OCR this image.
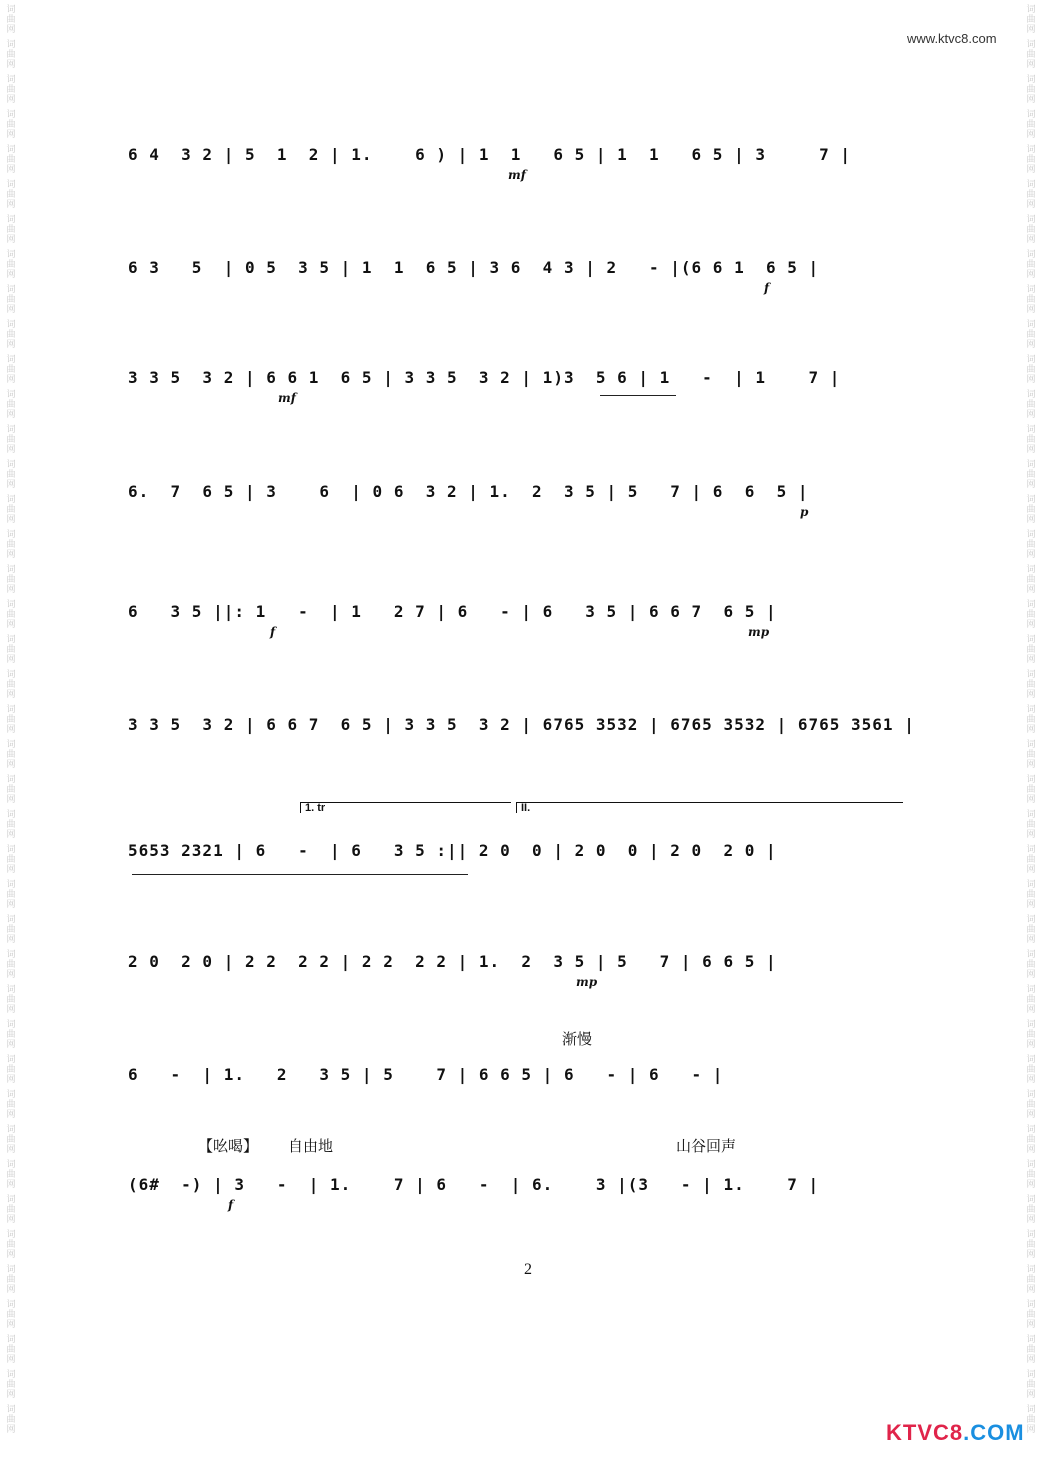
词
曲
网
词
曲
网
词
曲
网
词
曲
网
词
曲
网
词
曲
网
词
曲
网
词
曲
网
词
曲
网
词
曲
网
词
曲
网
词
曲
网
词
曲
网
词
曲
网
词
曲
网
词
曲
网
词
曲
网
词
曲
网
词
曲
网
词
曲
网
词
曲
网
词
曲
网
词
曲
网
词
曲
网
词
曲
网
词
曲
网
词
曲
网
词
曲
网
词
曲
网
词
曲
网
词
曲
网
词
曲
网
词
曲
网
词
曲
网
词
曲
网
词
曲
网
词
曲
网
词
曲
网
词
曲
网
词
曲
网
词
曲
网
词
曲
网
词
曲
网
词
曲
网
词
曲
网
词
曲
网
词
曲
网
词
曲
网
词
曲
网
词
曲
网
词
曲
网
词
曲
网
词
曲
网
词
曲
网
词
曲
网
词
曲
网
词
曲
网
词
曲
网
词
曲
网
词
曲
网
词
曲
网
词
曲
网
词
曲
网
词
曲
网
词
曲
网
词
曲
网
词
曲
网
词
曲
网
词
曲
网
词
曲
网
词
曲
网
词
曲
网
词
曲
网
词
曲
网
词
曲
网
词
曲
网
词
曲
网
词
曲
网
词
曲
网
词
曲
网
词
曲
网
词
曲
网
www.ktvc8.com
6 4  3 2 | 5  1  2 | 1.    6 ) | 1  1   6 5 | 1  1   6 5 | 3     7 |
mf
6 3   5  | 0 5  3 5 | 1  1  6 5 | 3 6  4 3 | 2   - |(6 6 1  6 5 |
f
3 3 5  3 2 | 6 6 1  6 5 | 3 3 5  3 2 | 1)3  5 6 | 1   -  | 1    7 |
mf
6.  7  6 5 | 3    6  | 0 6  3 2 | 1.  2  3 5 | 5   7 | 6  6  5 |
p
6   3 5 ||: 1   -  | 1   2 7 | 6   - | 6   3 5 | 6 6 7  6 5 |
f	mp
3 3 5  3 2 | 6 6 7  6 5 | 3 3 5  3 2 | 6765 3532 | 6765 3532 | 6765 3561 |
1. tr	II.
5653 2321 | 6   -  | 6   3 5 :|| 2 0  0 | 2 0  0 | 2 0  2 0 |
2 0  2 0 | 2 2  2 2 | 2 2  2 2 | 1.  2  3 5 | 5   7 | 6 6 5 |
mp
渐慢
6   -  | 1.   2   3 5 | 5    7 | 6 6 5 | 6   - | 6   - |
【吆喝】 自由地	山谷回声
(6#  -) | 3   -  | 1.    7 | 6   -  | 6.    3 |(3   - | 1.    7 |
f
2
KTVC8.COM
